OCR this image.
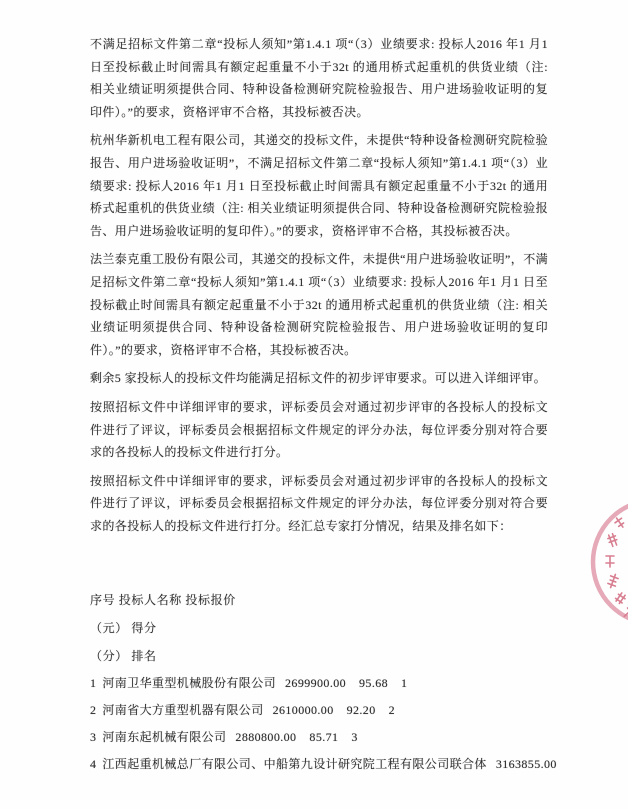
不满足招标文件第二章“投标人须知”第1.4.1 项“（3）业绩要求: 投标人2016 年1 月1日至投标截止时间需具有额定起重量不小于32t 的通用桥式起重机的供货业绩（注: 相关业绩证明须提供合同、特种设备检测研究院检验报告、用户进场验收证明的复印件）。”的要求，资格评审不合格，其投标被否决。

杭州华新机电工程有限公司，其递交的投标文件，未提供“特种设备检测研究院检验报告、用户进场验收证明”，不满足招标文件第二章“投标人须知”第1.4.1 项“（3）业绩要求: 投标人2016 年1 月1 日至投标截止时间需具有额定起重量不小于32t 的通用桥式起重机的供货业绩（注: 相关业绩证明须提供合同、特种设备检测研究院检验报告、用户进场验收证明的复印件）。”的要求，资格评审不合格，其投标被否决。

法兰泰克重工股份有限公司，其递交的投标文件，未提供“用户进场验收证明”，不满足招标文件第二章“投标人须知”第1.4.1 项“（3）业绩要求: 投标人2016 年1 月1 日至投标截止时间需具有额定起重量不小于32t 的通用桥式起重机的供货业绩（注: 相关业绩证明须提供合同、特种设备检测研究院检验报告、用户进场验收证明的复印件）。”的要求，资格评审不合格，其投标被否决。

剩余5 家投标人的投标文件均能满足招标文件的初步评审要求。可以进入详细评审。

按照招标文件中详细评审的要求，评标委员会对通过初步评审的各投标人的投标文件进行了评议，评标委员会根据招标文件规定的评分办法，每位评委分别对符合要求的各投标人的投标文件进行打分。

按照招标文件中详细评审的要求，评标委员会对通过初步评审的各投标人的投标文件进行了评议，评标委员会根据招标文件规定的评分办法，每位评委分别对符合要求的各投标人的投标文件进行打分。经汇总专家打分情况，结果及排名如下：

序号 投标人名称 投标报价
（元） 得分
（分） 排名
1 河南卫华重型机械股份有限公司 2699900.00 95.68 1
2 河南省大方重型机器有限公司 2610000.00 92.20 2
3 河南东起机械有限公司 2880800.00 85.71 3
4 江西起重机械总厂有限公司、中船第九设计研究院工程有限公司联合体 3163855.00
